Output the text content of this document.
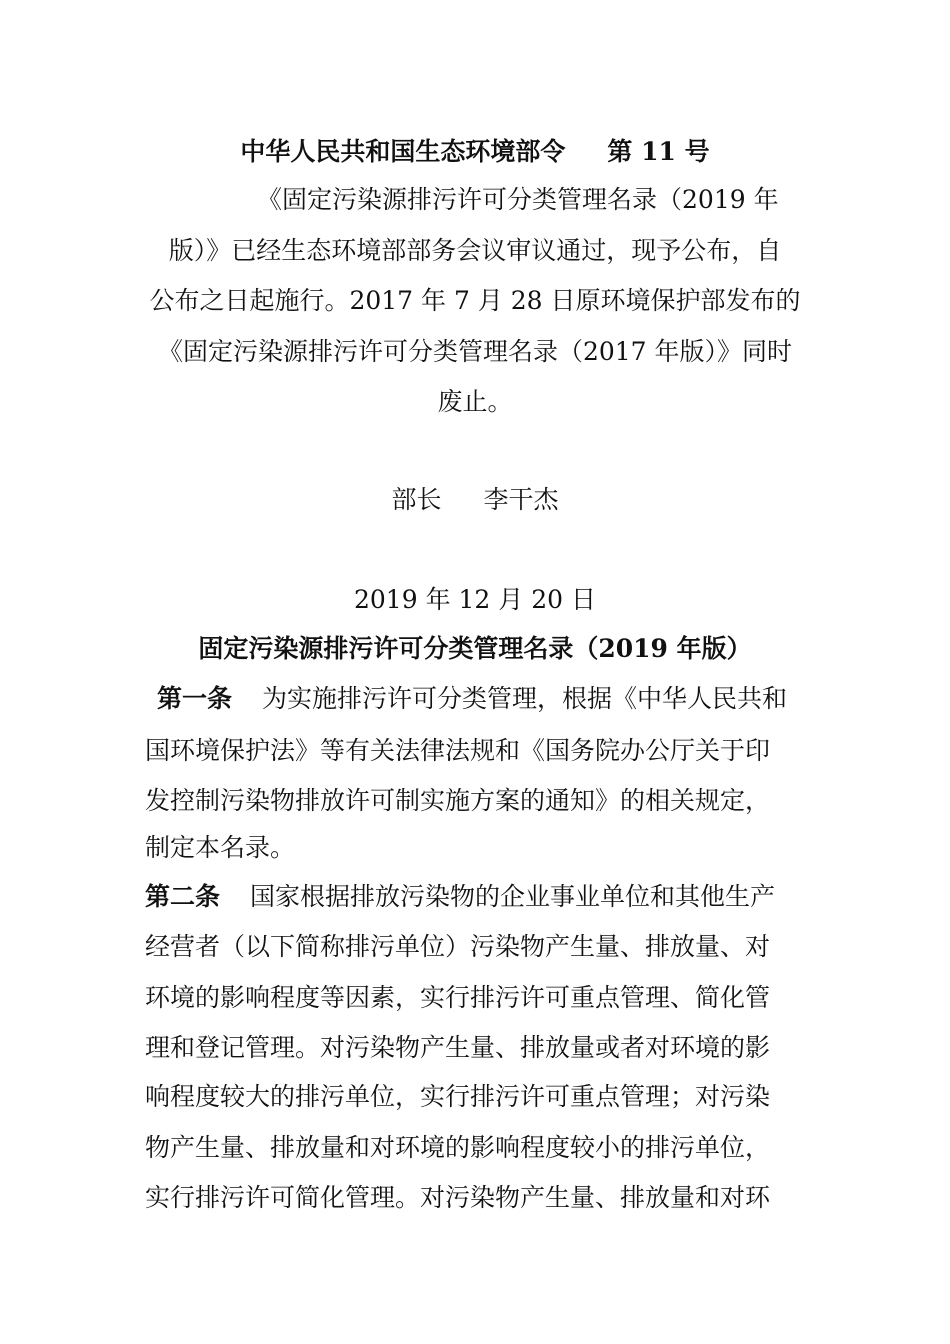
中华人民共和国生态环境部令 第 11 号
《固定污染源排污许可分类管理名录（2019 年
版）》已经生态环境部部务会议审议通过，现予公布，自
公布之日起施行。2017 年 7 月 28 日原环境保护部发布的
《固定污染源排污许可分类管理名录（2017 年版）》同时
废止。
部长 李干杰
2019 年 12 月 20 日
固定污染源排污许可分类管理名录（2019 年版）
第一条 为实施排污许可分类管理，根据《中华人民共和
国环境保护法》等有关法律法规和《国务院办公厅关于印
发控制污染物排放许可制实施方案的通知》的相关规定，
制定本名录。
第二条 国家根据排放污染物的企业事业单位和其他生产
经营者（以下简称排污单位）污染物产生量、排放量、对
环境的影响程度等因素，实行排污许可重点管理、简化管
理和登记管理。对污染物产生量、排放量或者对环境的影
响程度较大的排污单位，实行排污许可重点管理；对污染
物产生量、排放量和对环境的影响程度较小的排污单位，
实行排污许可简化管理。对污染物产生量、排放量和对环
